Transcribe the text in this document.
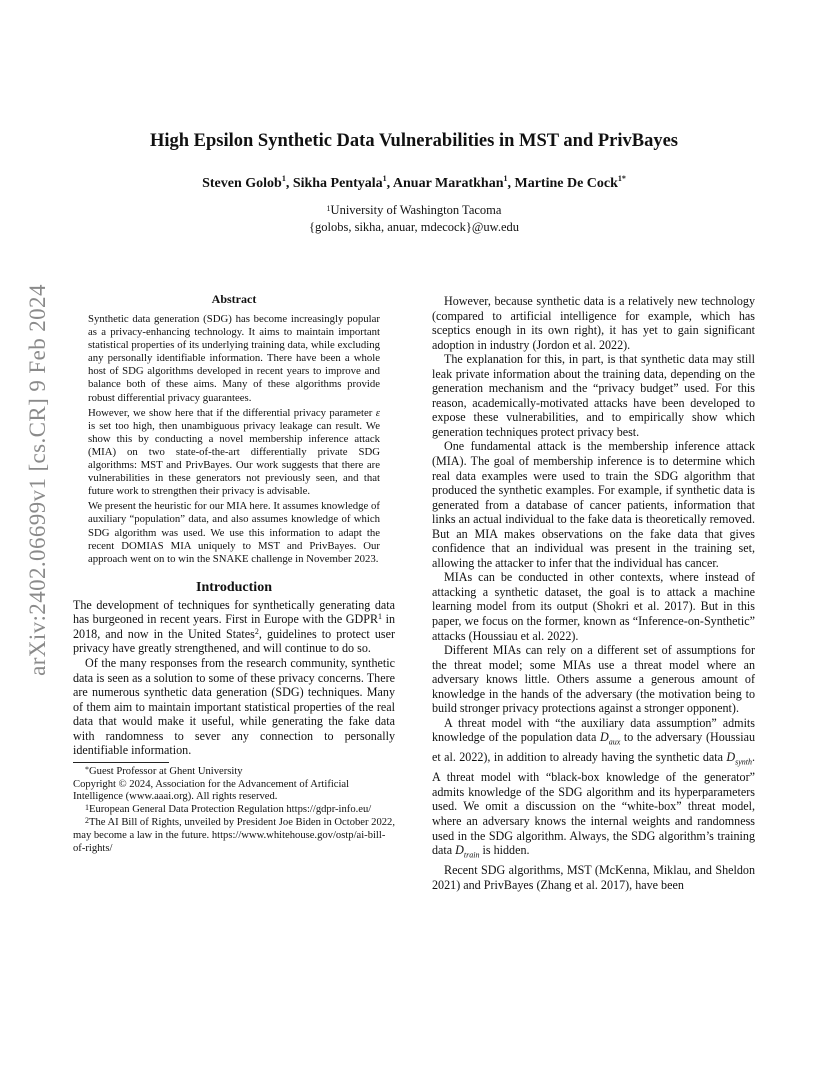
arXiv:2402.06699v1 [cs.CR] 9 Feb 2024
High Epsilon Synthetic Data Vulnerabilities in MST and PrivBayes

Steven Golob$^1$, Sikha Pentyala$^1$, Anuar Maratkhan$^1$, Martine De Cock$^{1*}$

$^1$University of Washington Tacoma
{golobs, sikha, anuar, mdecock}@uw.edu
Abstract

Synthetic data generation (SDG) has become increasingly popular as a privacy-enhancing technology. It aims to maintain important statistical properties of its underlying training data, while excluding any personally identifiable information. There have been a whole host of SDG algorithms developed in recent years to improve and balance both of these aims. Many of these algorithms provide robust differential privacy guarantees.

However, we show here that if the differential privacy parameter ε is set too high, then unambiguous privacy leakage can result. We show this by conducting a novel membership inference attack (MIA) on two state-of-the-art differentially private SDG algorithms: MST and PrivBayes. Our work suggests that there are vulnerabilities in these generators not previously seen, and that future work to strengthen their privacy is advisable.

We present the heuristic for our MIA here. It assumes knowledge of auxiliary “population” data, and also assumes knowledge of which SDG algorithm was used. We use this information to adapt the recent DOMIAS MIA uniquely to MST and PrivBayes. Our approach went on to win the SNAKE challenge in November 2023.

Introduction

The development of techniques for synthetically generating data has burgeoned in recent years. First in Europe with the GDPR$^1$ in 2018, and now in the United States$^2$, guidelines to protect user privacy have greatly strengthened, and will continue to do so.

Of the many responses from the research community, synthetic data is seen as a solution to some of these privacy concerns. There are numerous synthetic data generation (SDG) techniques. Many of them aim to maintain important statistical properties of the real data that would make it useful, while generating the fake data with randomness to sever any connection to personally identifiable information.

*Guest Professor at Ghent University

Copyright © 2024, Association for the Advancement of Artificial Intelligence (www.aaai.org). All rights reserved.

$^1$European General Data Protection Regulation https://gdpr-info.eu/

$^2$The AI Bill of Rights, unveiled by President Joe Biden in October 2022, may become a law in the future. https://www.whitehouse.gov/ostp/ai-bill-of-rights/

However, because synthetic data is a relatively new technology (compared to artificial intelligence for example, which has sceptics enough in its own right), it has yet to gain significant adoption in industry (Jordon et al. 2022).

The explanation for this, in part, is that synthetic data may still leak private information about the training data, depending on the generation mechanism and the “privacy budget” used. For this reason, academically-motivated attacks have been developed to expose these vulnerabilities, and to empirically show which generation techniques protect privacy best.

One fundamental attack is the membership inference attack (MIA). The goal of membership inference is to determine which real data examples were used to train the SDG algorithm that produced the synthetic examples. For example, if synthetic data is generated from a database of cancer patients, information that links an actual individual to the fake data is theoretically removed. But an MIA makes observations on the fake data that gives confidence that an individual was present in the training set, allowing the attacker to infer that the individual has cancer.

MIAs can be conducted in other contexts, where instead of attacking a synthetic dataset, the goal is to attack a machine learning model from its output (Shokri et al. 2017). But in this paper, we focus on the former, known as “Inference-on-Synthetic” attacks (Houssiau et al. 2022).

Different MIAs can rely on a different set of assumptions for the threat model; some MIAs use a threat model where an adversary knows little. Others assume a generous amount of knowledge in the hands of the adversary (the motivation being to build stronger privacy protections against a stronger opponent).

A threat model with “the auxiliary data assumption” admits knowledge of the population data $D_{aux}$ to the adversary (Houssiau et al. 2022), in addition to already having the synthetic data $D_{synth}$. A threat model with “black-box knowledge of the generator” admits knowledge of the SDG algorithm and its hyperparameters used. We omit a discussion on the “white-box” threat model, where an adversary knows the internal weights and randomness used in the SDG algorithm. Always, the SDG algorithm’s training data $D_{train}$ is hidden.

Recent SDG algorithms, MST (McKenna, Miklau, and Sheldon 2021) and PrivBayes (Zhang et al. 2017), have been
